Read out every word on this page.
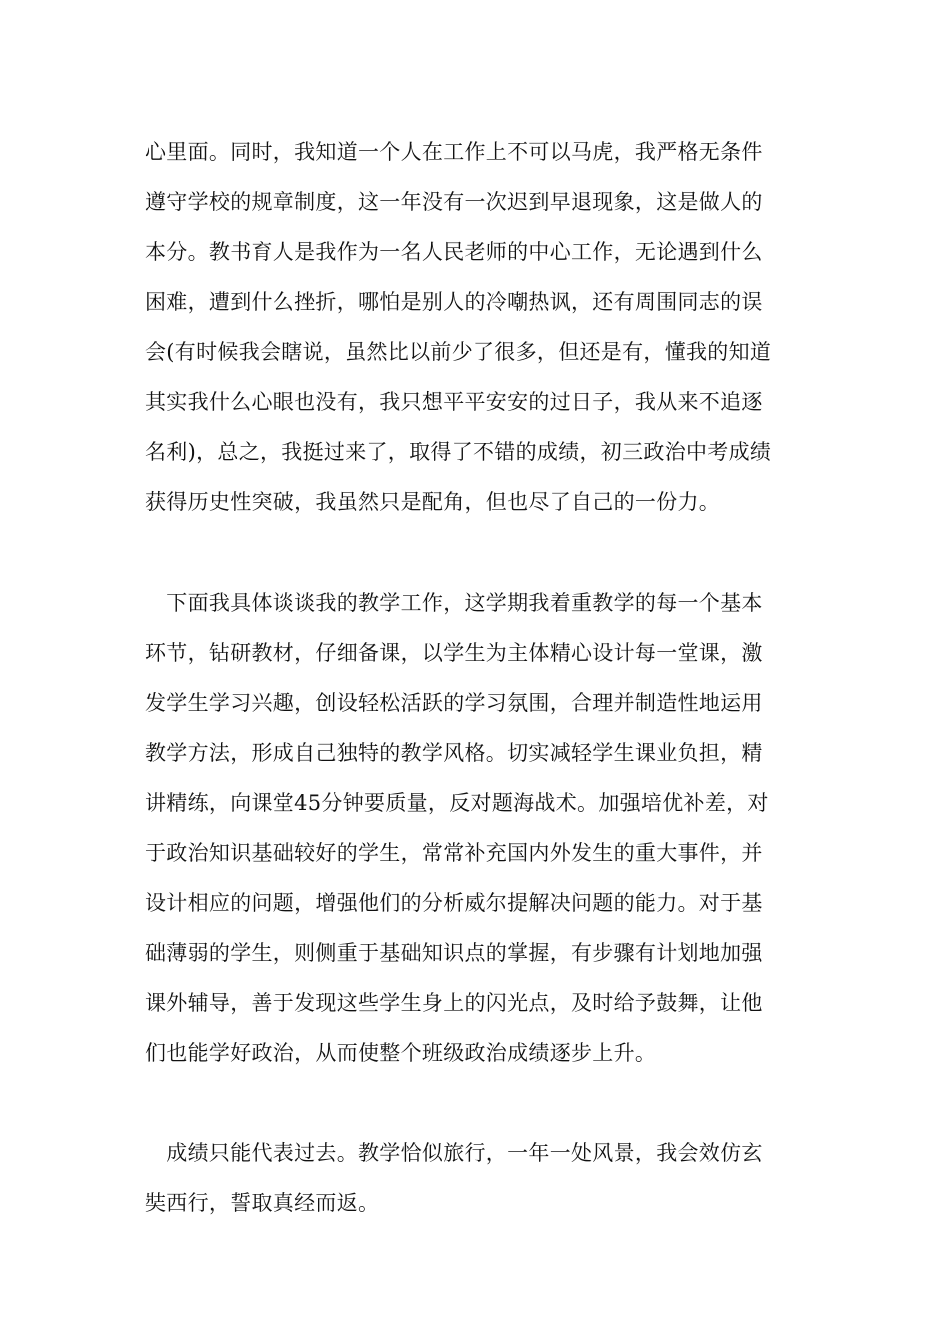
心里面。同时，我知道一个人在工作上不可以马虎，我严格无条件
遵守学校的规章制度，这一年没有一次迟到早退现象，这是做人的
本分。教书育人是我作为一名人民老师的中心工作，无论遇到什么
困难，遭到什么挫折，哪怕是别人的冷嘲热讽，还有周围同志的误
会(有时候我会瞎说，虽然比以前少了很多，但还是有，懂我的知道
其实我什么心眼也没有，我只想平平安安的过日子，我从来不追逐
名利)，总之，我挺过来了，取得了不错的成绩，初三政治中考成绩
获得历史性突破，我虽然只是配角，但也尽了自己的一份力。
　下面我具体谈谈我的教学工作，这学期我着重教学的每一个基本
环节，钻研教材，仔细备课，以学生为主体精心设计每一堂课，激
发学生学习兴趣，创设轻松活跃的学习氛围，合理并制造性地运用
教学方法，形成自己独特的教学风格。切实减轻学生课业负担，精
讲精练，向课堂45分钟要质量，反对题海战术。加强培优补差，对
于政治知识基础较好的学生，常常补充国内外发生的重大事件，并
设计相应的问题，增强他们的分析威尔提解决问题的能力。对于基
础薄弱的学生，则侧重于基础知识点的掌握，有步骤有计划地加强
课外辅导，善于发现这些学生身上的闪光点，及时给予鼓舞，让他
们也能学好政治，从而使整个班级政治成绩逐步上升。
　成绩只能代表过去。教学恰似旅行，一年一处风景，我会效仿玄
奘西行，誓取真经而返。
